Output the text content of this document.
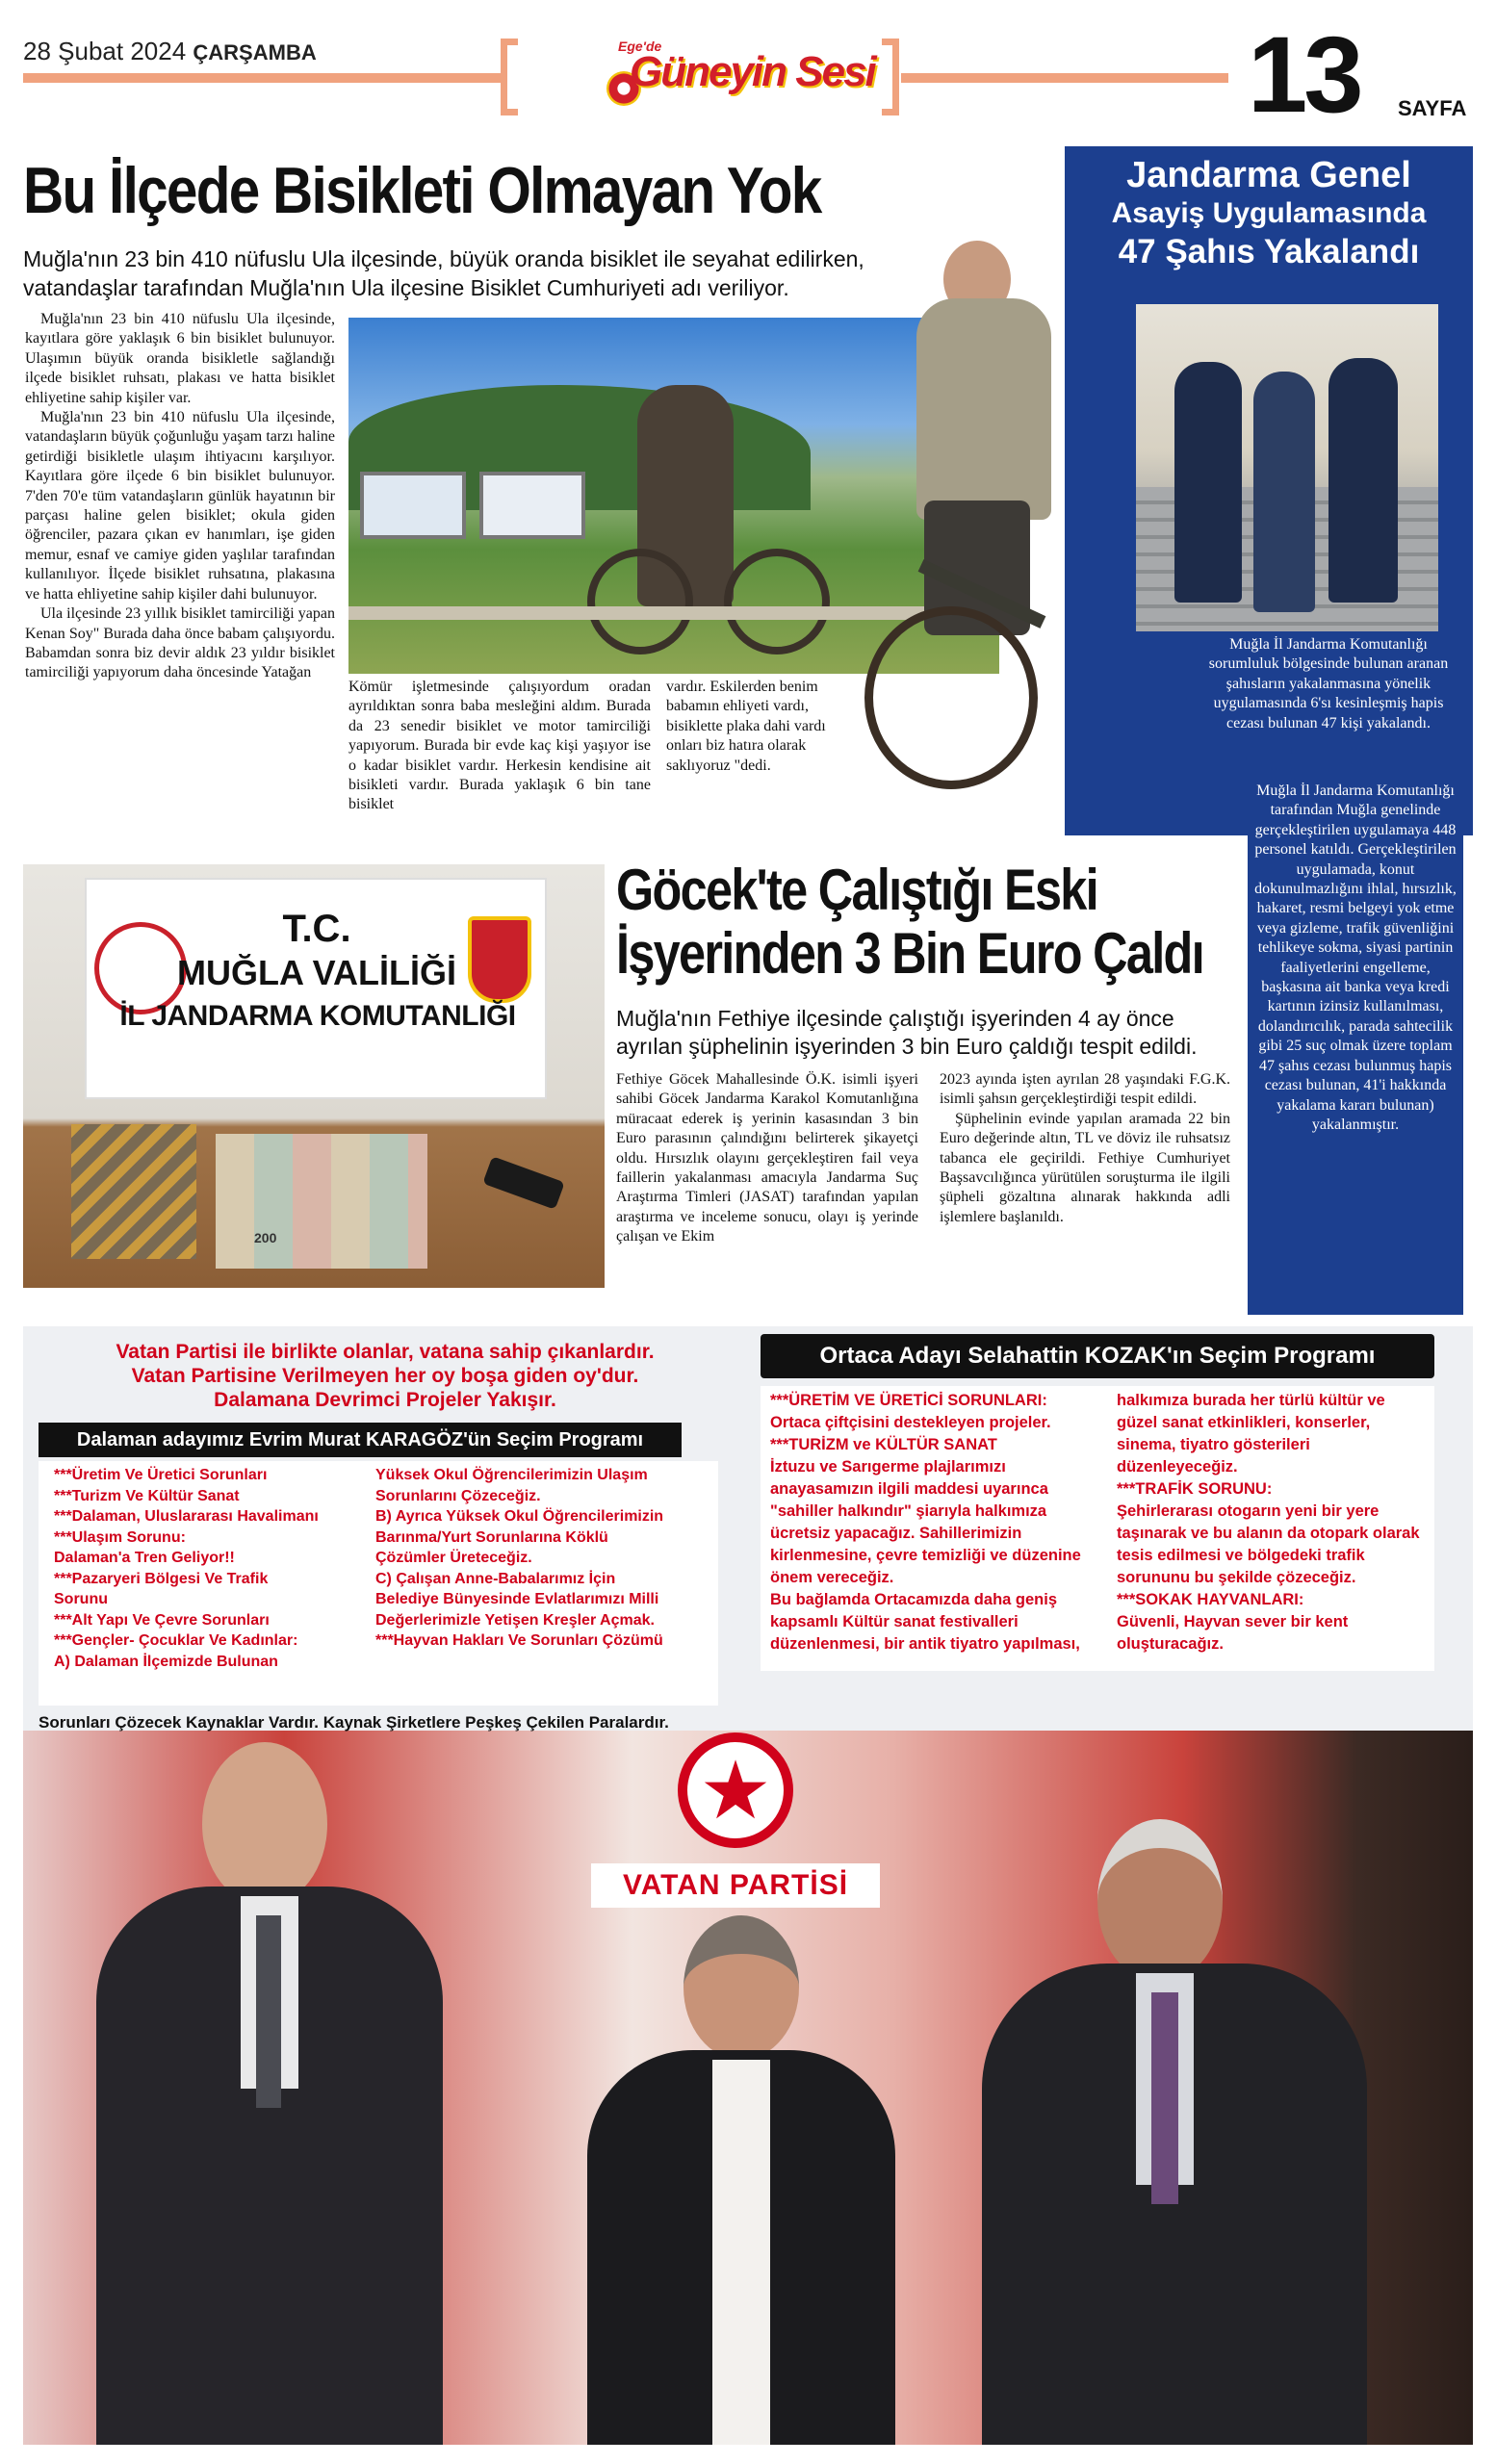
28 Şubat 2024 ÇARŞAMBA	Ege'de
Güneyin Sesi	13 SAYFA
Bu İlçede Bisikleti Olmayan Yok
Muğla'nın 23 bin 410 nüfuslu Ula ilçesinde, büyük oranda bisiklet ile seyahat edilirken, vatandaşlar tarafından Muğla'nın Ula ilçesine Bisiklet Cumhuriyeti adı veriliyor.

Muğla'nın 23 bin 410 nüfuslu Ula ilçesinde, kayıtlara göre yaklaşık 6 bin bisiklet bulunuyor. Ulaşımın büyük oranda bisikletle sağlandığı ilçede bisiklet ruhsatı, plakası ve hatta bisiklet ehliyetine sahip kişiler var.

Muğla'nın 23 bin 410 nüfuslu Ula ilçesinde, vatandaşların büyük çoğunluğu yaşam tarzı haline getirdiği bisikletle ulaşım ihtiyacını karşılıyor. Kayıtlara göre ilçede 6 bin bisiklet bulunuyor. 7'den 70'e tüm vatandaşların günlük hayatının bir parçası haline gelen bisiklet; okula giden öğrenciler, pazara çıkan ev hanımları, işe giden memur, esnaf ve camiye giden yaşlılar tarafından kullanılıyor. İlçede bisiklet ruhsatına, plakasına ve hatta ehliyetine sahip kişiler dahi bulunuyor.

Ula ilçesinde 23 yıllık bisiklet tamirciliği yapan Kenan Soy" Burada daha önce babam çalışıyordu. Babamdan sonra biz devir aldık 23 yıldır bisiklet tamirciliği yapıyorum daha öncesinde Yatağan

Kömür işletmesinde çalışıyordum oradan ayrıldıktan sonra baba mesleğini aldım. Burada da 23 senedir bisiklet ve motor tamirciliği yapıyorum. Burada bir evde kaç kişi yaşıyor ise o kadar bisiklet vardır. Herkesin kendisine ait bisikleti vardır. Burada yaklaşık 6 bin tane bisiklet

vardır. Eskilerden benim babamın ehliyeti vardı, bisiklette plaka dahi vardı onları biz hatıra olarak saklıyoruz "dedi.

Jandarma Genel
Asayiş Uygulamasında
47 Şahıs Yakalandı

Muğla İl Jandarma Komutanlığı sorumluluk bölgesinde bulunan aranan şahısların yakalanmasına yönelik uygulamasında 6'sı kesinleşmiş hapis cezası bulunan 47 kişi yakalandı.

Muğla İl Jandarma Komutanlığı tarafından Muğla genelinde gerçekleştirilen uygulamaya 448 personel katıldı. Gerçekleştirilen uygulamada, konut dokunulmazlığını ihlal, hırsızlık, hakaret, resmi belgeyi yok etme veya gizleme, trafik güvenliğini tehlikeye sokma, siyasi partinin faaliyetlerini engelleme, başkasına ait banka veya kredi kartının izinsiz kullanılması, dolandırıcılık, parada sahtecilik gibi 25 suç olmak üzere toplam 47 şahıs cezası bulunmuş hapis cezası bulunan, 41'i hakkında yakalama kararı bulunan) yakalanmıştır.

T.C.
MUĞLA VALİLİĞİ
İL JANDARMA KOMUTANLIĞI
200
Göcek'te Çalıştığı Eski
İşyerinden 3 Bin Euro Çaldı
Muğla'nın Fethiye ilçesinde çalıştığı işyerinden 4 ay önce ayrılan şüphelinin işyerinden 3 bin Euro çaldığı tespit edildi.

Fethiye Göcek Mahallesinde Ö.K. isimli işyeri sahibi Göcek Jandarma Karakol Komutanlığına müracaat ederek iş yerinin kasasından 3 bin Euro parasının çalındığını belirterek şikayetçi oldu. Hırsızlık olayını gerçekleştiren fail veya faillerin yakalanması amacıyla Jandarma Suç Araştırma Timleri (JASAT) tarafından yapılan araştırma ve inceleme sonucu, olayı iş yerinde çalışan ve Ekim

2023 ayında işten ayrılan 28 yaşındaki F.G.K. isimli şahsın gerçekleştirdiği tespit edildi.

Şüphelinin evinde yapılan aramada 22 bin Euro değerinde altın, TL ve döviz ile ruhsatsız tabanca ele geçirildi. Fethiye Cumhuriyet Başsavcılığınca yürütülen soruşturma ile ilgili şüpheli gözaltına alınarak hakkında adli işlemlere başlanıldı.

Vatan Partisi ile birlikte olanlar, vatana sahip çıkanlardır.
Vatan Partisine Verilmeyen her oy boşa giden oy'dur.
Dalamana Devrimci Projeler Yakışır.
Dalaman adayımız Evrim Murat KARAGÖZ'ün Seçim Programı
***Üretim Ve Üretici Sorunları
***Turizm Ve Kültür Sanat
***Dalaman, Uluslararası Havalimanı
***Ulaşım Sorunu:
Dalaman'a Tren Geliyor!!
***Pazaryeri Bölgesi Ve Trafik
Sorunu
***Alt Yapı Ve Çevre Sorunları
***Gençler- Çocuklar Ve Kadınlar:
A) Dalaman İlçemizde Bulunan
Yüksek Okul Öğrencilerimizin Ulaşım
Sorunlarını Çözeceğiz.
B) Ayrıca Yüksek Okul Öğrencilerimizin
Barınma/Yurt Sorunlarına Köklü
Çözümler Üreteceğiz.
C) Çalışan Anne-Babalarımız İçin
Belediye Bünyesinde Evlatlarımızı Milli
Değerlerimizle Yetişen Kreşler Açmak.
***Hayvan Hakları Ve Sorunları Çözümü
Sorunları Çözecek Kaynaklar Vardır. Kaynak Şirketlere Peşkeş Çekilen Paralardır.
Ortaca Adayı Selahattin KOZAK'ın Seçim Programı
***ÜRETİM VE ÜRETİCİ SORUNLARI:
Ortaca çiftçisini destekleyen projeler.
***TURİZM ve KÜLTÜR SANAT
İztuzu ve Sarıgerme plajlarımızı
anayasamızın ilgili maddesi uyarınca
"sahiller halkındır" şiarıyla halkımıza
ücretsiz yapacağız. Sahillerimizin
kirlenmesine, çevre temizliği ve düzenine
önem vereceğiz.
Bu bağlamda Ortacamızda daha geniş
kapsamlı Kültür sanat festivalleri
düzenlenmesi, bir antik tiyatro yapılması,
halkımıza burada her türlü kültür ve
güzel sanat etkinlikleri, konserler,
sinema, tiyatro gösterileri
düzenleyeceğiz.
***TRAFİK SORUNU:
Şehirlerarası otogarın yeni bir yere
taşınarak ve bu alanın da otopark olarak
tesis edilmesi ve bölgedeki trafik
sorununu bu şekilde çözeceğiz.
***SOKAK HAYVANLARI:
Güvenli, Hayvan sever bir kent
oluşturacağız.
★
VATAN PARTİSİ
